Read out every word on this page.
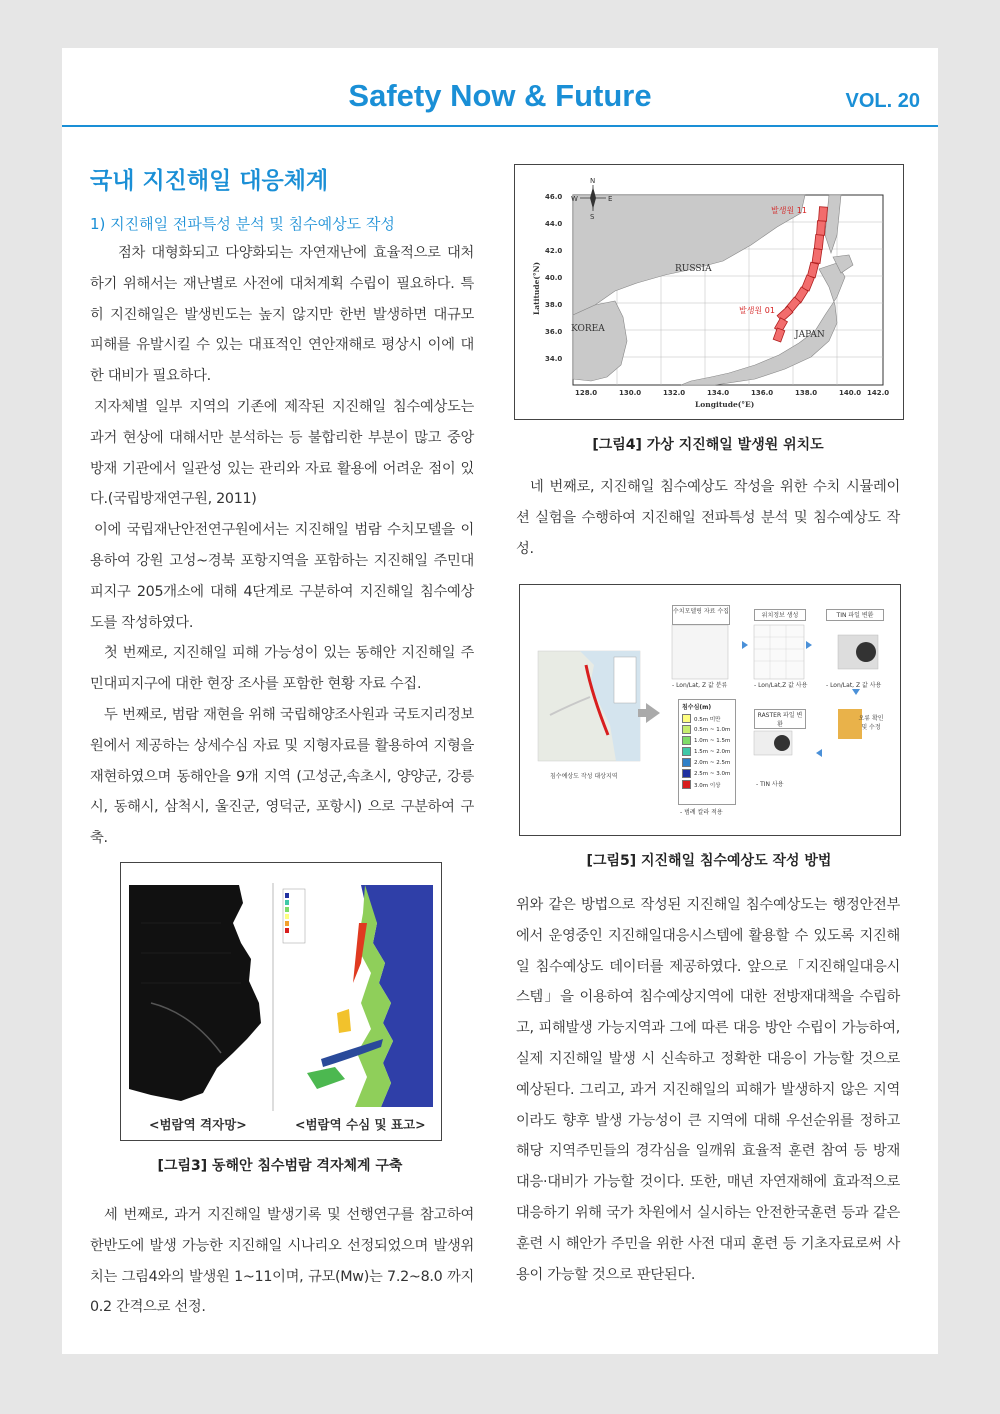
Safety Now & Future	VOL. 20
국내 지진해일 대응체계
1) 지진해일 전파특성 분석 및 침수예상도 작성

점차 대형화되고 다양화되는 자연재난에 효율적으로 대처하기 위해서는 재난별로 사전에 대처계획 수립이 필요하다. 특히 지진해일은 발생빈도는 높지 않지만 한번 발생하면 대규모 피해를 유발시킬 수 있는 대표적인 연안재해로 평상시 이에 대한 대비가 필요하다.

지자체별 일부 지역의 기존에 제작된 지진해일 침수예상도는 과거 현상에 대해서만 분석하는 등 불합리한 부분이 많고 중앙방재 기관에서 일관성 있는 관리와 자료 활용에 어려운 점이 있다.(국립방재연구원, 2011)

이에 국립재난안전연구원에서는 지진해일 범람 수치모델을 이용하여 강원 고성~경북 포항지역을 포함하는 지진해일 주민대피지구 205개소에 대해 4단계로 구분하여 지진해일 침수예상도를 작성하였다.

첫 번째로, 지진해일 피해 가능성이 있는 동해안 지진해일 주민대피지구에 대한 현장 조사를 포함한 현황 자료 수집.

두 번째로, 범람 재현을 위해 국립해양조사원과 국토지리정보원에서 제공하는 상세수심 자료 및 지형자료를 활용하여 지형을 재현하였으며 동해안을 9개 지역 (고성군,속초시, 양양군, 강릉시, 동해시, 삼척시, 울진군, 영덕군, 포항시) 으로 구분하여 구축.

<범람역 격자망>	<범람역 수심 및 표고>
[그림3] 동해안 침수범람 격자체계 구축

세 번째로, 과거 지진해일 발생기록 및 선행연구를 참고하여 한반도에 발생 가능한 지진해일 시나리오 선정되었으며 발생위치는 그림4와의 발생원 1~11이며, 규모(Mw)는 7.2~8.0 까지 0.2 간격으로 선정.

N
S
E
W
RUSSIA
KOREA
JAPAN
발생원 11
발생원 01
46.0
44.0
42.0
40.0
38.0
36.0
34.0
128.0	130.0	132.0	134.0	136.0	138.0	140.0 142.0
Longitude(°E)
Latitude(°N)
[그림4] 가상 지진해일 발생원 위치도

네 번째로, 지진해일 침수예상도 작성을 위한 수치 시뮬레이션 실험을 수행하여 지진해일 전파특성 분석 및 침수예상도 작성.

수치모델링 자료 수집
위치정보 생성	TIN 파일 변환
- Lon/Lat, Z 값 분류	- Lon/Lat,Z 값 사용	- Lon/Lat, Z 값 사용
오류 확인 및 수정
RASTER 파일 변환
- TIN 사용
침수심(m)
0.5m 미만
0.5m ~ 1.0m
1.0m ~ 1.5m
1.5m ~ 2.0m
2.0m ~ 2.5m
2.5m ~ 3.0m
3.0m 이상
- 범례 칼라 적용
침수예상도 작성 대상지역
[그림5] 지진해일 침수예상도 작성 방법

위와 같은 방법으로 작성된 지진해일 침수예상도는 행정안전부에서 운영중인 지진해일대응시스템에 활용할 수 있도록 지진해일 침수예상도 데이터를 제공하였다. 앞으로「지진해일대응시스템」을 이용하여 침수예상지역에 대한 전방재대책을 수립하고, 피해발생 가능지역과 그에 따른 대응 방안 수립이 가능하여, 실제 지진해일 발생 시 신속하고 정확한 대응이 가능할 것으로 예상된다. 그리고, 과거 지진해일의 피해가 발생하지 않은 지역이라도 향후 발생 가능성이 큰 지역에 대해 우선순위를 정하고 해당 지역주민들의 경각심을 일깨워 효율적 훈련 참여 등 방재 대응·대비가 가능할 것이다. 또한, 매년 자연재해에 효과적으로 대응하기 위해 국가 차원에서 실시하는 안전한국훈련 등과 같은 훈련 시 해안가 주민을 위한 사전 대피 훈련 등 기초자료로써 사용이 가능할 것으로 판단된다.
